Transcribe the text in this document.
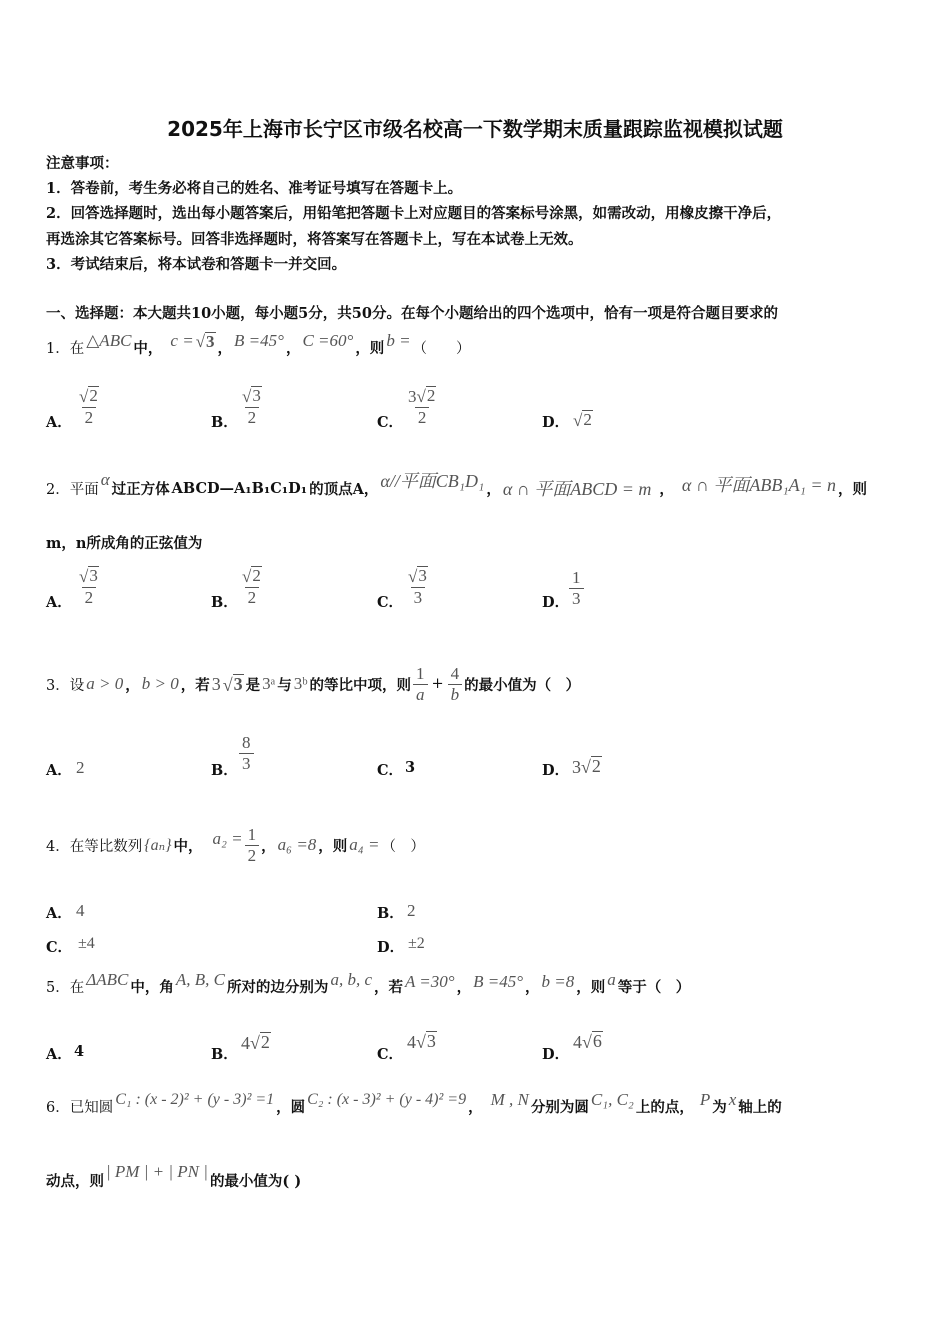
2025年上海市长宁区市级名校高一下数学期末质量跟踪监视模拟试题
注意事项：
1．答卷前，考生务必将自己的姓名、准考证号填写在答题卡上。
2．回答选择题时，选出每小题答案后，用铅笔把答题卡上对应题目的答案标号涂黑，如需改动，用橡皮擦干净后，
再选涂其它答案标号。回答非选择题时，将答案写在答题卡上，写在本试卷上无效。
3．考试结束后，将本试卷和答题卡一并交回。
一、选择题：本大题共10小题，每小题5分，共50分。在每个小题给出的四个选项中，恰有一项是符合题目要求的
1．在 △ABC 中， c = √ 3 ， B =45° ， C =60° ，则 b = （　　）
A． $\frac{√ 2}{2}$	B． $\frac{√ 3}{2}$	C． $\frac{3 √ 2}{2}$	D． √ 2
2．平面
α 过正方体 ABCD—A₁B₁C₁D₁ 的顶点A， α//平面CB₁D₁ ， α ∩ 平面ABCD = m ， α ∩ 平面ABB₁A₁ = n ，则
m，n所成角的正弦值为
A． $\frac{√ 3}{2}$	B． $\frac{√ 2}{2}$	C． $\frac{√ 3}{3}$	D． $\frac{1}{3}$
3．设 a > 0 ， b > 0 ，若 3 √ 3 是 3ᵃ 与 3ᵇ 的等比中项，则 $\frac{1}{a} + \frac{4}{b}$ 的最小值为（　）
A． 2	B． $\frac{8}{3}$	C． 3	D． 3 √ 2
4．在等比数列 {aₙ} 中， $a_2 = \frac{1}{2}$ ， a₆ =8 ，则 a₄ = （　）
A． 4	B． 2
C． ±4	D． ±2
5．在 ΔABC 中，角 A, B, C 所对的边分别为 a, b, c ，若 A =30° ， B =45° ， b =8 ，则 a 等于（　）
A． 4	B．
4 √ 2
C．
4 √ 3
D．
4 √ 6
6．已知圆 C₁ : (x - 2)² + (y - 3)² =1 ，圆 C₂ : (x - 3)² + (y - 4)² =9 ， M , N 分别为圆 C₁, C₂ 上的点， P 为 x 轴上的
动点，则 | PM | + | PN | 的最小值为( )
